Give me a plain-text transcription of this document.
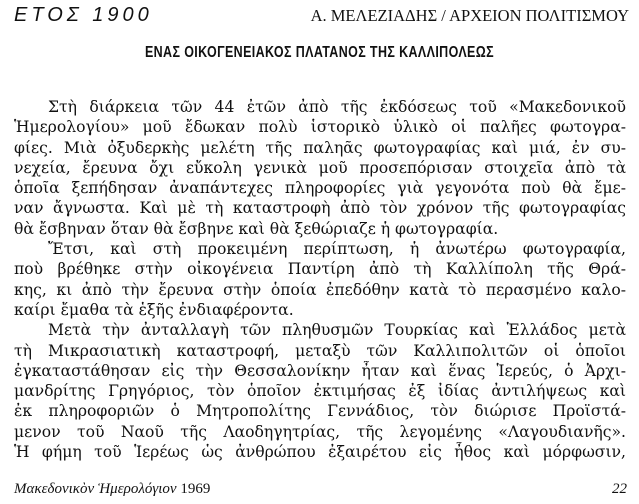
ΕΤΟΣ 1900	Α. ΜΕΛΕΖΙΑΔΗΣ / ΑΡΧΕΙΟΝ ΠΟΛΙΤΙΣΜΟΥ
ΕΝΑΣ ΟΙΚΟΓΕΝΕΙΑΚΟΣ ΠΛΑΤΑΝΟΣ ΤΗΣ ΚΑΛΛΙΠΟΛΕΩΣ
Στὴ διάρκεια τῶν 44 ἐτῶν ἀπὸ τῆς ἐκδόσεως τοῦ «Μακεδονικοῦ
Ἡμερολογίου» μοῦ ἔδωκαν πολὺ ἱστορικὸ ὑλικὸ οἱ παλῆες φωτογρα-
φίες. Μιὰ ὀξυδερκὴς μελέτη τῆς παληᾶς φωτογραφίας καὶ μιά, ἐν συ-
νεχεία, ἔρευνα ὄχι εὔκολη γενικὰ μοῦ προσεπόρισαν στοιχεῖα ἀπὸ τὰ
ὁποῖα ξεπήδησαν ἀναπάντεχες πληροφορίες γιὰ γεγονότα ποὺ θὰ ἔμε-
ναν ἄγνωστα. Καὶ μὲ τὴ καταστροφὴ ἀπὸ τὸν χρόνον τῆς φωτογραφίας
θὰ ἔσβηναν ὅταν θὰ ἔσβηνε καὶ θὰ ξεθώριαζε ἡ φωτογραφία.
Ἔτσι, καὶ στὴ προκειμένη περίπτωση, ἡ ἀνωτέρω φωτογραφία,
ποὺ βρέθηκε στὴν οἰκογένεια Παντίρη ἀπὸ τὴ Καλλίπολη τῆς Θρά-
κης, κι ἀπὸ τὴν ἔρευνα στὴν ὁποία ἐπεδόθην κατὰ τὸ περασμένο καλο-
καίρι ἔμαθα τὰ ἑξῆς ἐνδιαφέροντα.
Μετὰ τὴν ἀνταλλαγὴ τῶν πληθυσμῶν Τουρκίας καὶ Ἑλλάδος μετὰ
τὴ Μικρασιατικὴ καταστροφή, μεταξὺ τῶν Καλλιπολιτῶν οἱ ὁποῖοι
ἐγκαταστάθησαν εἰς τὴν Θεσσαλονίκην ἦταν καὶ ἕνας Ἱερεύς, ὁ Ἀρχι-
μανδρίτης Γρηγόριος, τὸν ὁποῖον ἐκτιμήσας ἐξ ἰδίας ἀντιλήψεως καὶ
ἐκ πληροφοριῶν ὁ Μητροπολίτης Γεννάδιος, τὸν διώρισε Προϊστά-
μενον τοῦ Ναοῦ τῆς Λαοδηγητρίας, τῆς λεγομένης «Λαγουδιανῆς».
Ἡ φήμη τοῦ Ἱερέως ὡς ἀνθρώπου ἐξαιρέτου εἰς ἦθος καὶ μόρφωσιν,
Μακεδονικὸν Ἡμερολόγιον 1969	22
